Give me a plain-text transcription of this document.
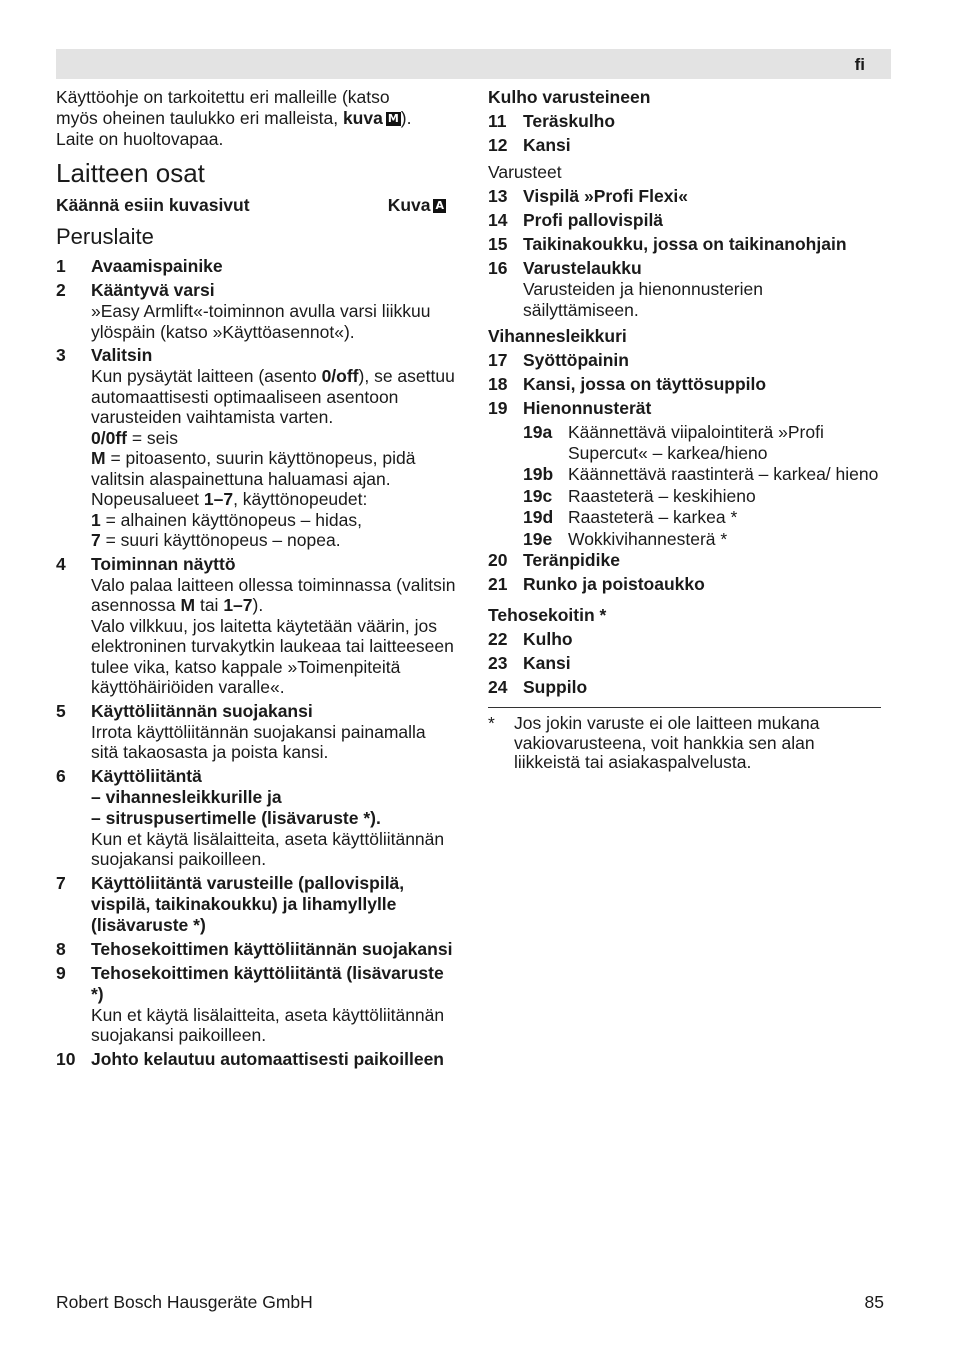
fi
Käyttöohje on tarkoitettu eri malleille (katso
myös oheinen taulukko eri malleista, kuva M ).
Laite on huoltovapaa.
Laitteen osat
Käännä esiin kuvasivut	Kuva A
Peruslaite
1	Avaamispainike
2	Kääntyvä varsi
»Easy Armlift«-toiminnon avulla varsi liikkuu ylöspäin (katso »Käyttöasennot«).
3	Valitsin
Kun pysäytät laitteen (asento 0/off), se asettuu automaattisesti optimaaliseen asentoon varusteiden vaihtamista varten.
0/0ff = seis
M = pitoasento, suurin käyttönopeus, pidä valitsin alaspainettuna haluamasi ajan.
Nopeusalueet 1–7, käyttönopeudet:
1 = alhainen käyttönopeus – hidas,
7 = suuri käyttönopeus – nopea.
4	Toiminnan näyttö
Valo palaa laitteen ollessa toiminnassa (valitsin asennossa M tai 1–7).
Valo vilkkuu, jos laitetta käytetään väärin, jos elektroninen turvakytkin laukeaa tai laitteeseen tulee vika, katso kappale »Toimenpiteitä käyttöhäiriöiden varalle«.
5	Käyttöliitännän suojakansi
Irrota käyttöliitännän suojakansi painamalla sitä takaosasta ja poista kansi.
6	Käyttöliitäntä
– vihannesleikkurille ja
– sitruspusertimelle (lisävaruste *).
Kun et käytä lisälaitteita, aseta käyttöliitännän suojakansi paikoilleen.
7	Käyttöliitäntä varusteille (pallovispilä, vispilä, taikinakoukku) ja lihamyllylle (lisävaruste *)
8	Tehosekoittimen käyttöliitännän suojakansi
9	Tehosekoittimen käyttöliitäntä (lisävaruste *)
Kun et käytä lisälaitteita, aseta käyttöliitännän suojakansi paikoilleen.
10 Johto kelautuu automaattisesti paikoilleen
Kulho varusteineen
11 Teräskulho
12 Kansi
Varusteet
13 Vispilä »Profi Flexi«
14 Profi pallovispilä
15 Taikinakoukku, jossa on taikinanohjain
16 Varustelaukku
Varusteiden ja hienonnusterien säilyttämiseen.
Vihannesleikkuri
17 Syöttöpainin
18 Kansi, jossa on täyttösuppilo
19 Hienonnusterät
19a Käännettävä viipalointiterä »Profi Supercut« – karkea/hieno
19b Käännettävä raastinterä – karkea/ hieno
19c Raasteterä – keskihieno
19d Raasteterä – karkea *
19e Wokkivihannesterä *
20 Teränpidike
21 Runko ja poistoaukko
Tehosekoitin *
22 Kulho
23 Kansi
24 Suppilo
*	Jos jokin varuste ei ole laitteen mukana vakiovarusteena, voit hankkia sen alan liikkeistä tai asiakaspalvelusta.
Robert Bosch Hausgeräte GmbH	85
